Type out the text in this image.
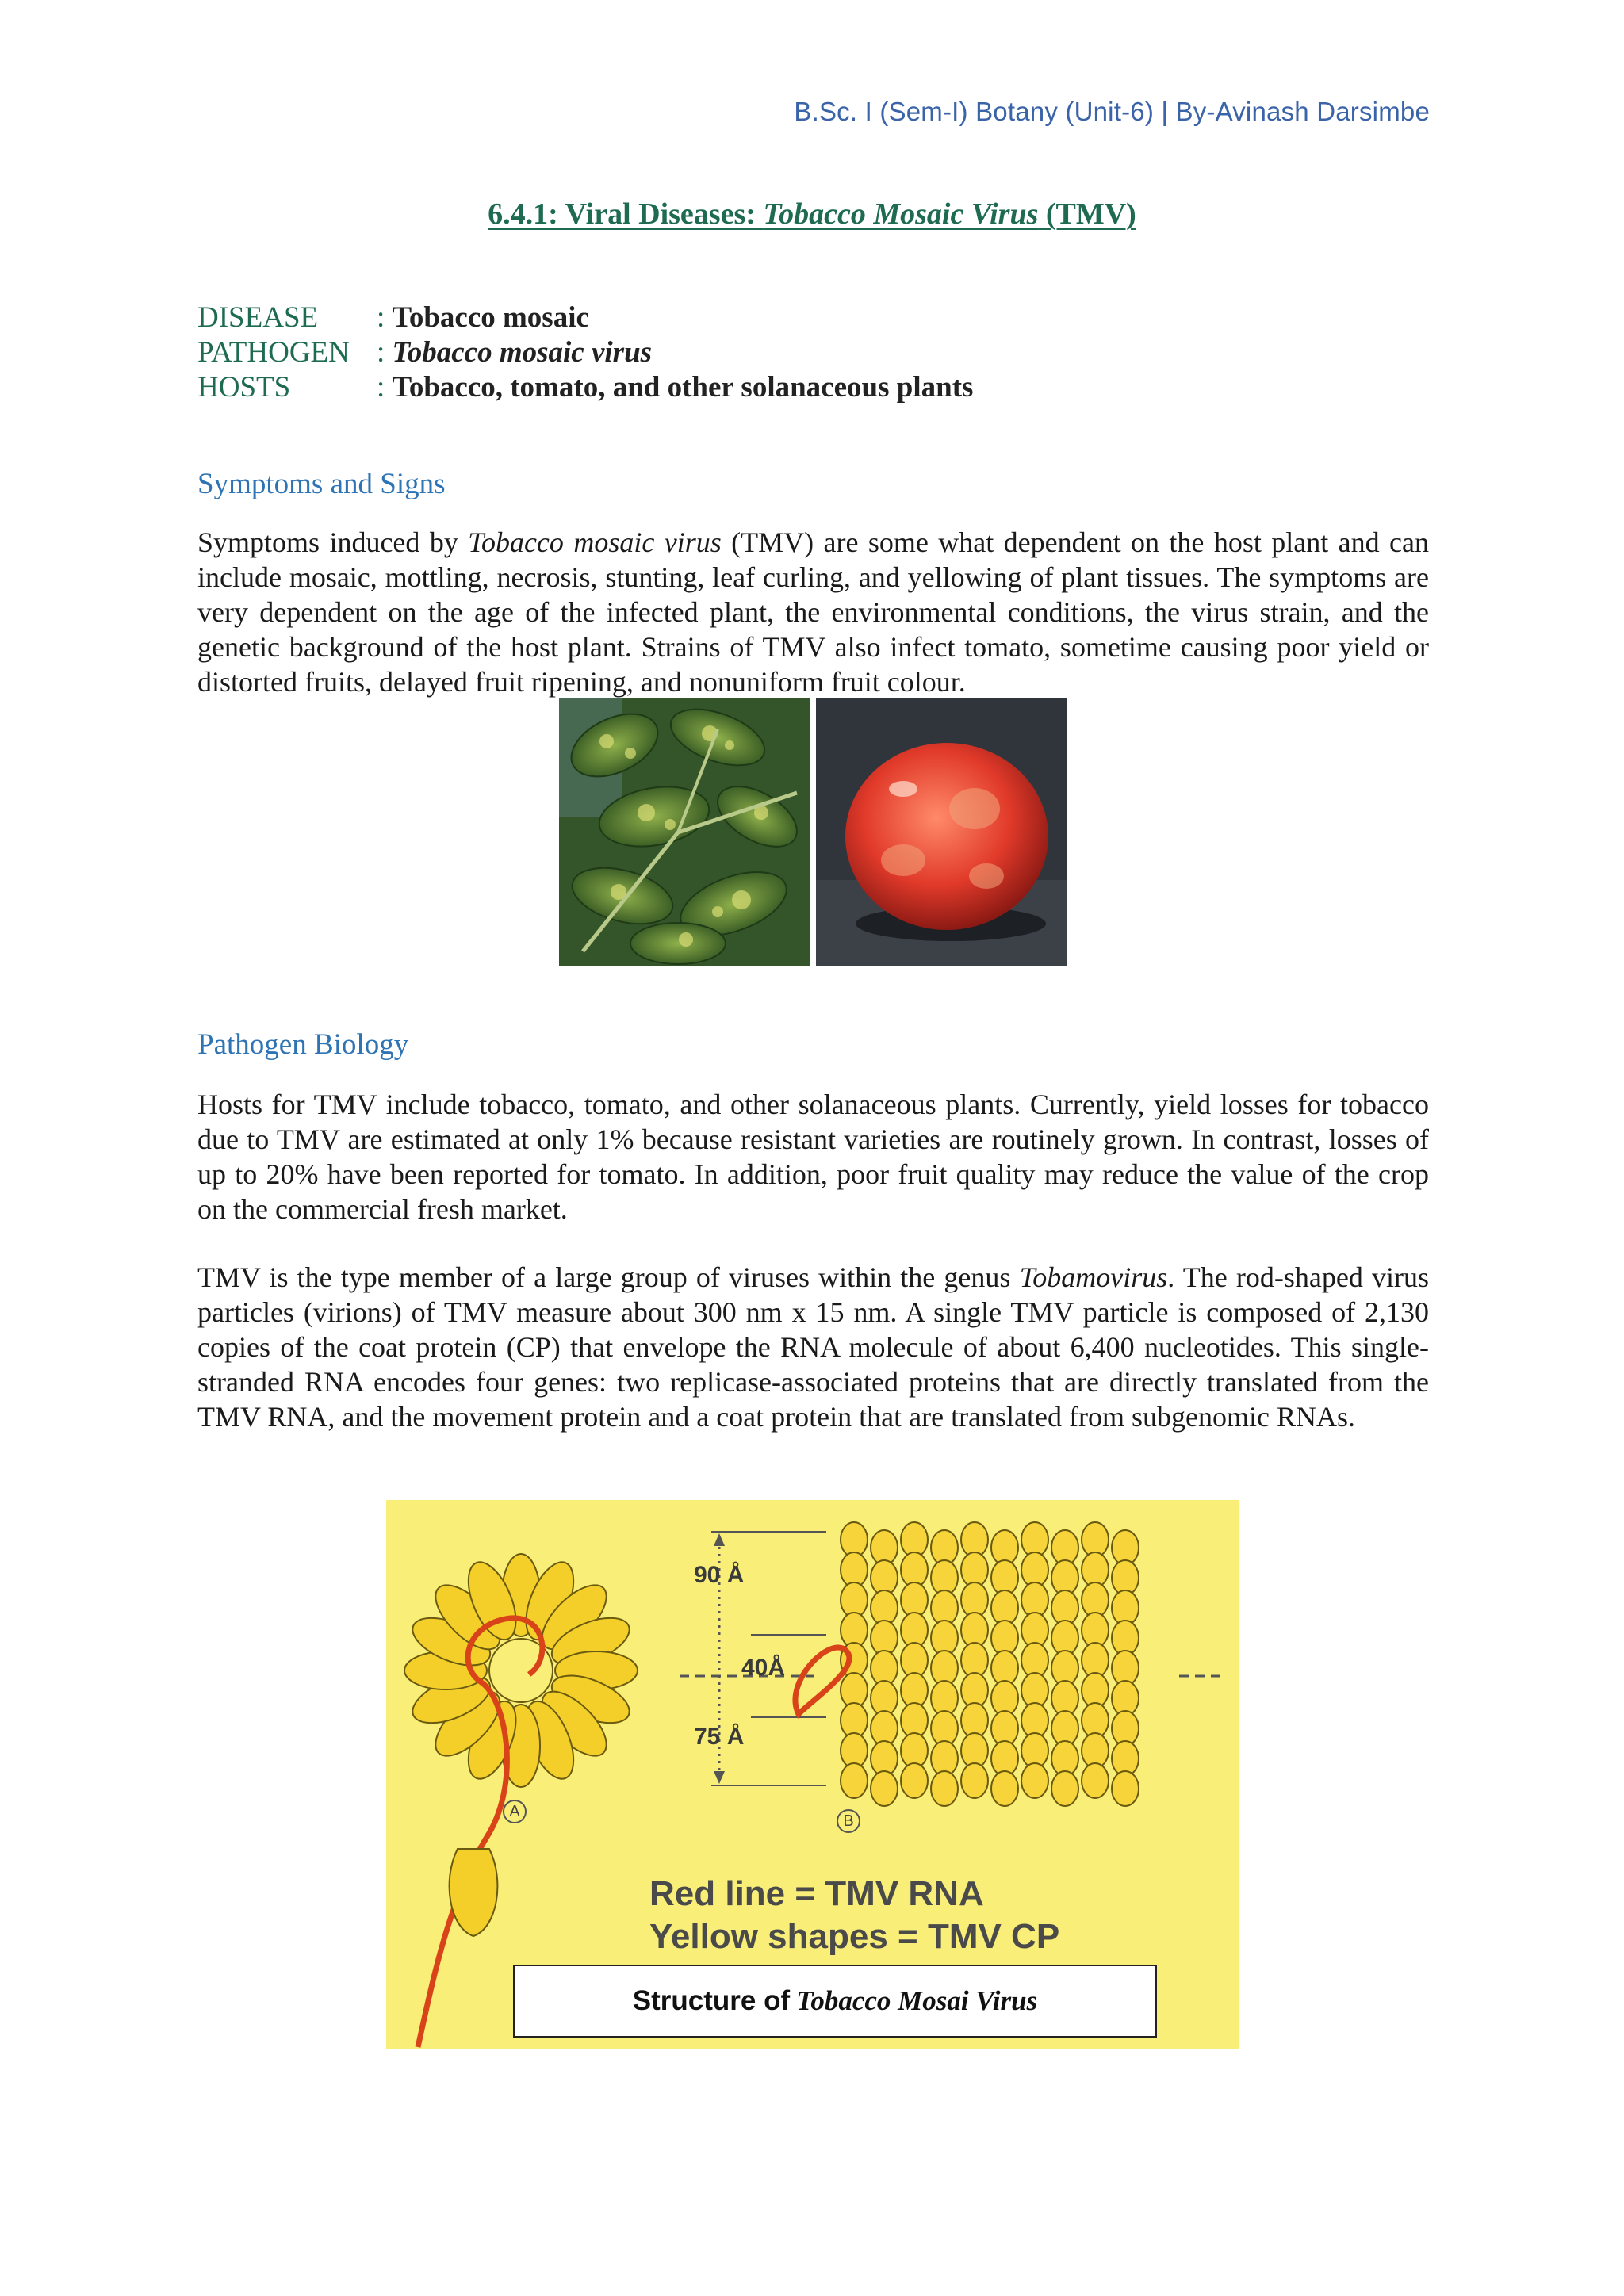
B.Sc. I (Sem-I) Botany (Unit-6) | By-Avinash Darsimbe
6.4.1: Viral Diseases: Tobacco Mosaic Virus (TMV)
DISEASE : Tobacco mosaic
PATHOGEN : Tobacco mosaic virus
HOSTS	: Tobacco, tomato, and other solanaceous plants
Symptoms and Signs
Symptoms induced by Tobacco mosaic virus (TMV) are some what dependent on the host plant and can include mosaic, mottling, necrosis, stunting, leaf curling, and yellowing of plant tissues. The symptoms are very dependent on the age of the infected plant, the environmental conditions, the virus strain, and the genetic background of the host plant. Strains of TMV also infect tomato, sometime causing poor yield or distorted fruits, delayed fruit ripening, and nonuniform fruit colour.
Pathogen Biology
Hosts for TMV include tobacco, tomato, and other solanaceous plants. Currently, yield losses for tobacco due to TMV are estimated at only 1% because resistant varieties are routinely grown. In contrast, losses of up to 20% have been reported for tomato. In addition, poor fruit quality may reduce the value of the crop on the commercial fresh market.
TMV is the type member of a large group of viruses within the genus Tobamovirus. The rod-shaped virus particles (virions) of TMV measure about 300 nm x 15 nm. A single TMV particle is composed of 2,130 copies of the coat protein (CP) that envelope the RNA molecule of about 6,400 nucleotides. This single-stranded RNA encodes four genes: two replicase-associated proteins that are directly translated from the TMV RNA, and the movement protein and a coat protein that are translated from subgenomic RNAs.
90 Å
40Å
75 Å
A
B
Red line = TMV RNA
Yellow shapes = TMV CP
Structure of Tobacco Mosai Virus
